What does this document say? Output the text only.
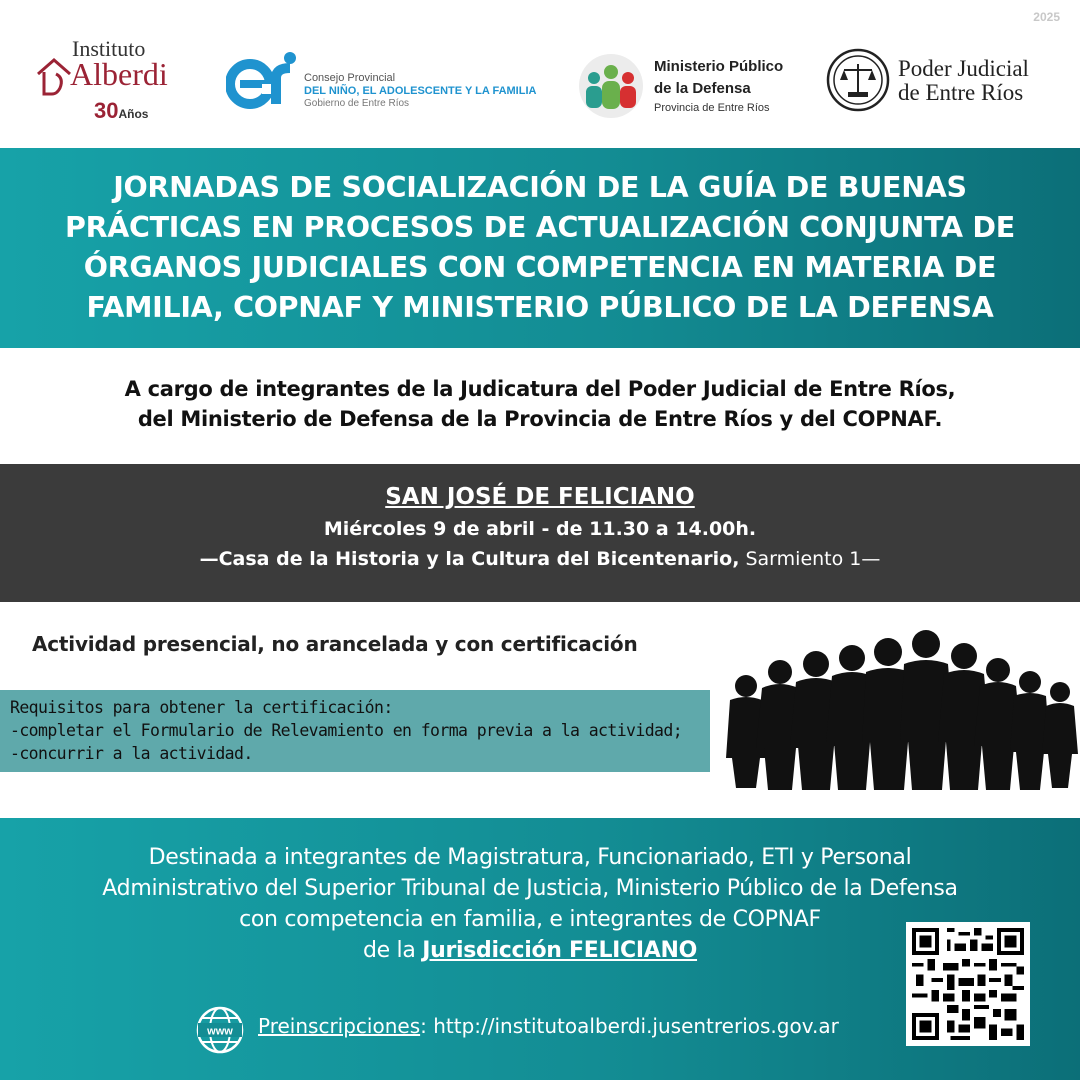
2025
Instituto
Alberdi
30Años
Consejo Provincial
DEL NIÑO, EL ADOLESCENTE Y LA FAMILIA
Gobierno de Entre Ríos
Ministerio Público
de la Defensa
Provincia de Entre Ríos
Poder Judicial
de Entre Ríos
JORNADAS DE SOCIALIZACIÓN DE LA GUÍA DE BUENAS
PRÁCTICAS EN PROCESOS DE ACTUALIZACIÓN CONJUNTA DE
ÓRGANOS JUDICIALES CON COMPETENCIA EN MATERIA DE
FAMILIA, COPNAF Y MINISTERIO PÚBLICO DE LA DEFENSA
A cargo de integrantes de la Judicatura del Poder Judicial de Entre Ríos,
del Ministerio de Defensa de la Provincia de Entre Ríos y del COPNAF.
SAN JOSÉ DE FELICIANO
Miércoles 9 de abril - de 11.30 a 14.00h.
—Casa de la Historia y la Cultura del Bicentenario, Sarmiento 1—
Actividad presencial, no arancelada y con certificación
Requisitos para obtener la certificación:
-completar el Formulario de Relevamiento en forma previa a la actividad;
-concurrir a la actividad.
Destinada a integrantes de Magistratura, Funcionariado, ETI y Personal
Administrativo del Superior Tribunal de Justicia, Ministerio Público de la Defensa
con competencia en familia, e integrantes de COPNAF
de la Jurisdicción FELICIANO
www Preinscripciones: http://institutoalberdi.jusentrerios.gov.ar
